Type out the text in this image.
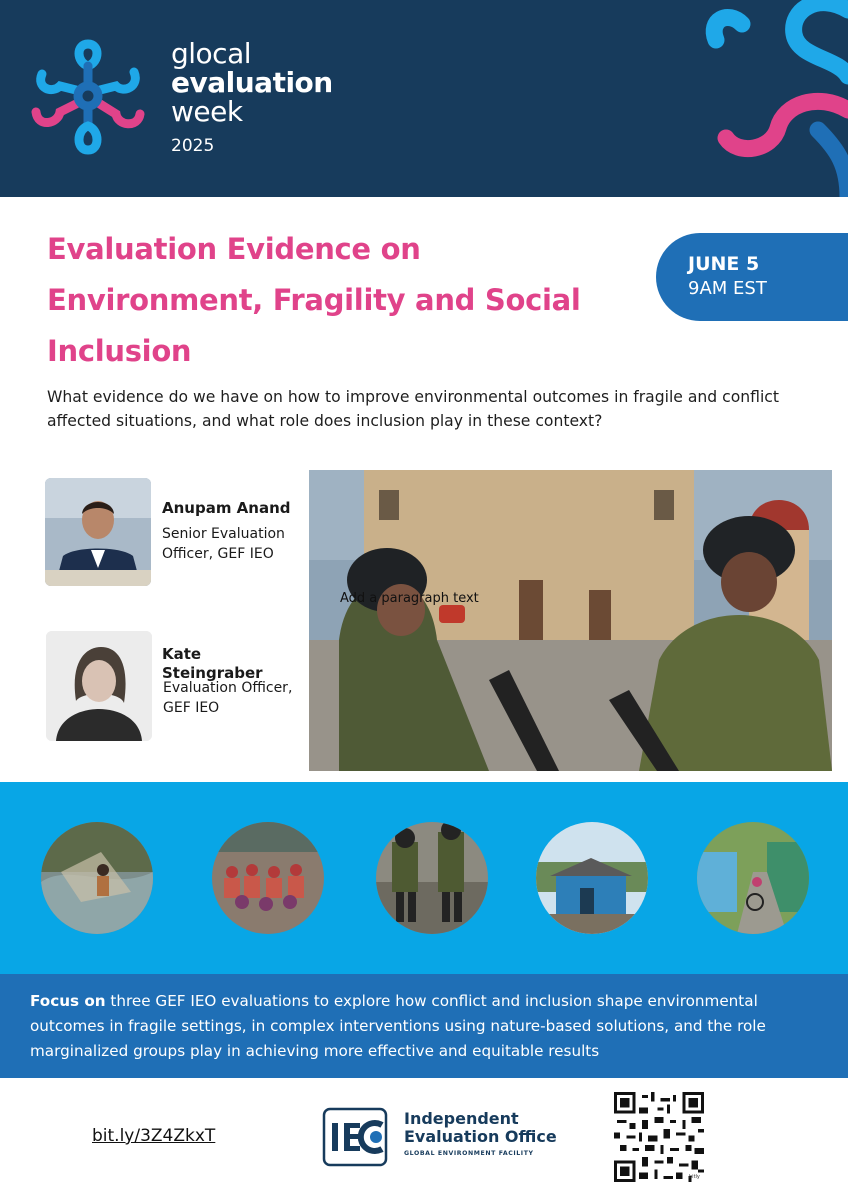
glocal
evaluation
week
2025
Evaluation Evidence on Environment, Fragility and Social Inclusion
JUNE 5
9AM EST

What evidence do we have on how to improve environmental outcomes in fragile and conflict affected situations, and what role does inclusion play in these context?

Anupam Anand

Senior Evaluation Officer, GEF IEO

Kate Steingraber

Evaluation Officer, GEF IEO

Add a paragraph text

Focus on three GEF IEO evaluations to explore how conflict and inclusion shape environmental outcomes in fragile settings, in complex interventions using nature-based solutions, and the role marginalized groups play in achieving more effective and equitable results

bit.ly/3Z4ZkxT

Independent
Evaluation Office

GLOBAL ENVIRONMENT FACILITY

bitly
